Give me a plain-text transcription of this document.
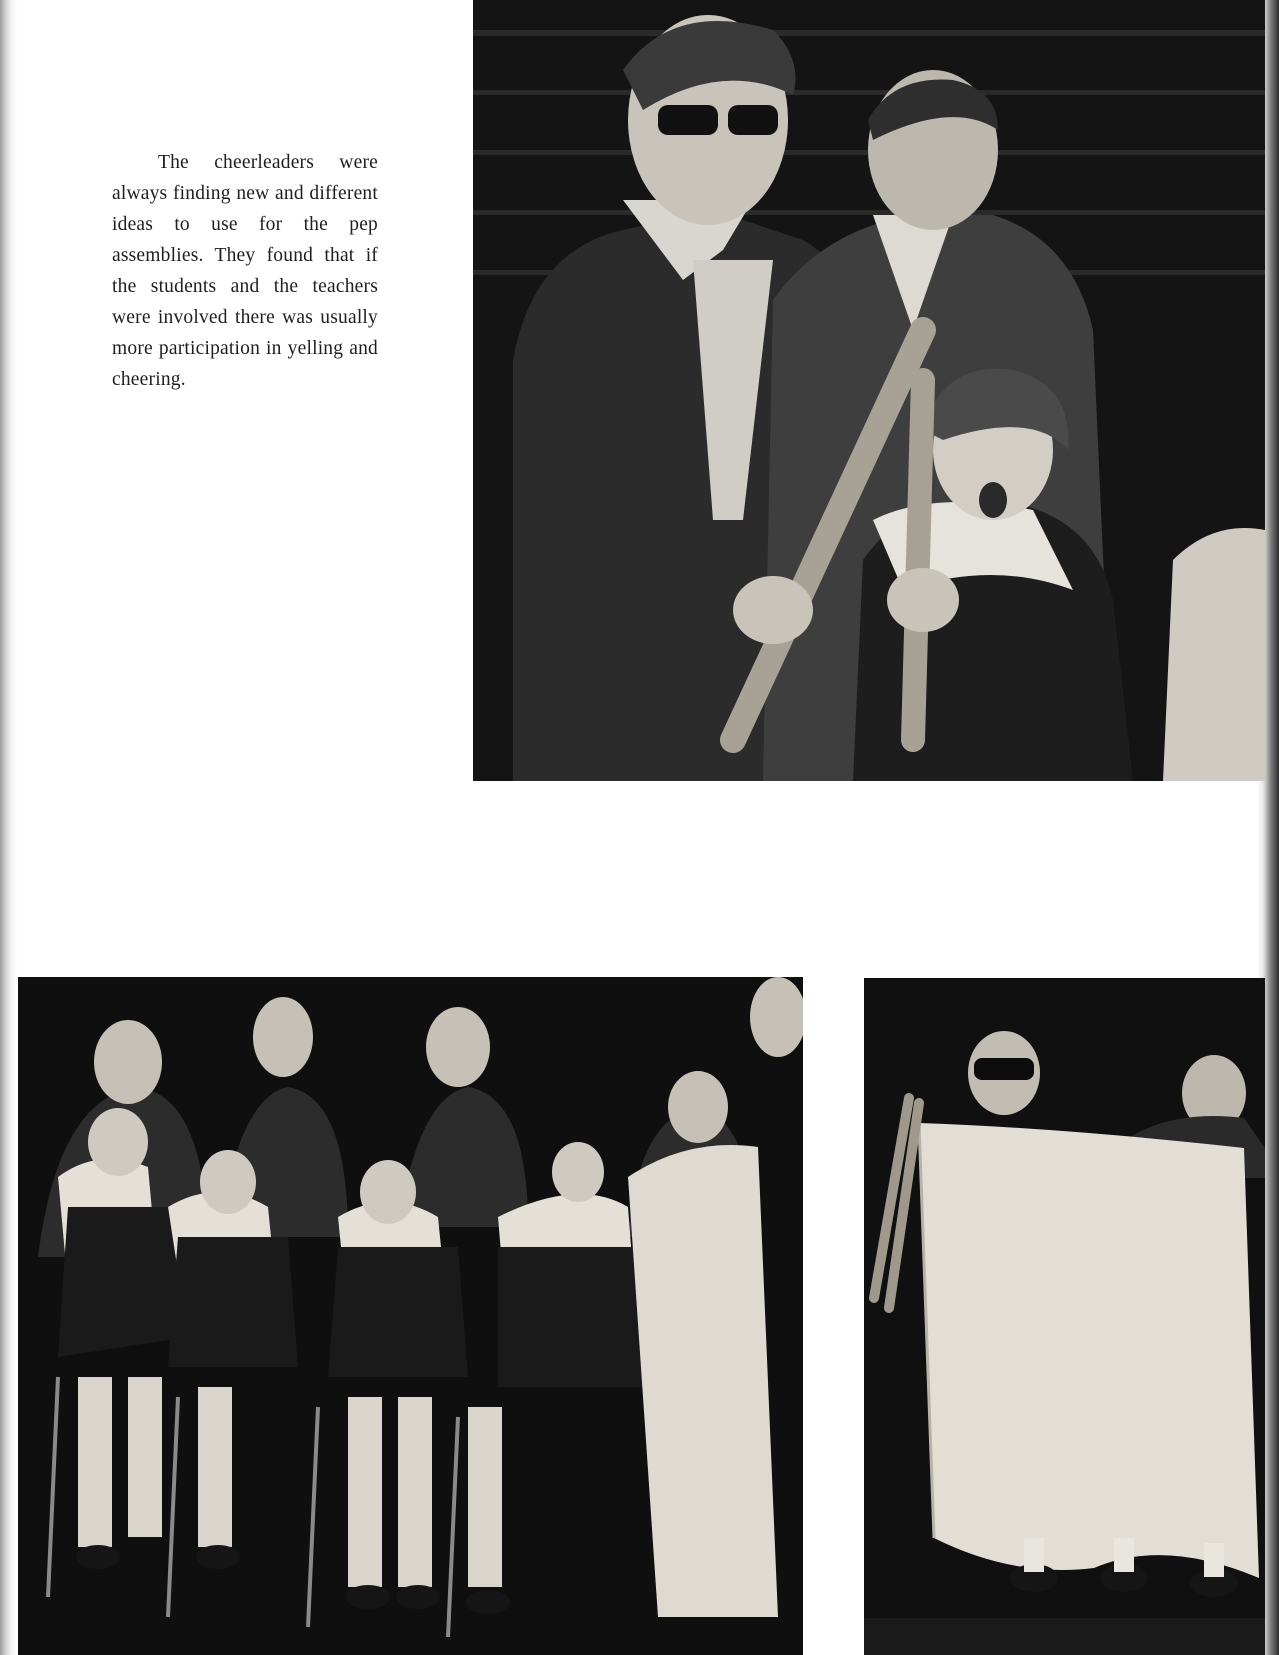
The cheerleaders were always finding new and different ideas to use for the pep assemblies. They found that if the students and the teachers were involved there was usually more participation in yelling and cheering.
